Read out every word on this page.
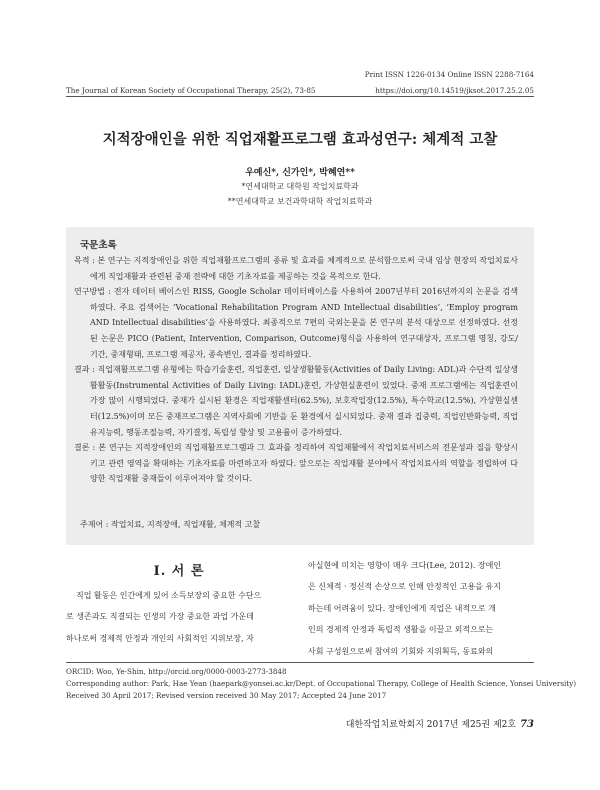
Print ISSN 1226-0134 Online ISSN 2288-7164
The Journal of Korean Society of Occupational Therapy, 25(2), 73-85	https://doi.org/10.14519/jksot.2017.25.2.05
지적장애인을 위한 직업재활프로그램 효과성연구: 체계적 고찰
우예신*, 신가인*, 박혜연**
*연세대학교 대학원 작업치료학과
**연세대학교 보건과학대학 작업치료학과
국문초록

목적 : 본 연구는 지적장애인을 위한 직업재활프로그램의 종류 및 효과를 체계적으로 분석함으로써 국내 임상 현장의 작업치료사에게 직업재활과 관련된 중재 전략에 대한 기초자료를 제공하는 것을 목적으로 한다.

연구방법 : 전자 데이터 베이스인 RISS, Google Scholar 데이터베이스를 사용하여 2007년부터 2016년까지의 논문을 검색하였다. 주요 검색어는 ‘Vocational Rehabilitation Program AND Intellectual disabilities’, ‘Employ program AND Intellectual disabilities’을 사용하였다. 최종적으로 7편의 국외논문을 본 연구의 분석 대상으로 선정하였다. 선정된 논문은 PICO (Patient, Intervention, Comparison, Outcome)형식을 사용하여 연구대상자, 프로그램 명칭, 강도/기간, 중재형태, 프로그램 제공자, 종속변인, 결과를 정리하였다.

결과 : 직업재활프로그램 유형에는 학습기술훈련, 직업훈련, 일상생활활동(Activities of Daily Living: ADL)과 수단적 일상생활활동(Instrumental Activities of Daily Living: IADL)훈련, 가상현실훈련이 있었다. 중재 프로그램에는 직업훈련이 가장 많이 시행되었다. 중재가 실시된 환경은 직업재활센터(62.5%), 보호작업장(12.5%), 특수학교(12.5%), 가상현실센터(12.5%)이며 모든 중재프로그램은 지역사회에 기반을 둔 환경에서 실시되었다. 중재 결과 집중력, 직업인반화능력, 직업유지능력, 행동조절능력, 자기결정, 독립성 향상 및 고용률이 증가하였다.

결론 : 본 연구는 지적장애인의 직업재활프로그램과 그 효과를 정리하여 직업재활에서 작업치료서비스의 전문성과 질을 향상시키고 관련 영역을 확대하는 기초자료를 마련하고자 하였다. 앞으로는 직업재활 분야에서 작업치료사의 역할을 정립하여 다양한 직업재활 중재들이 이루어져야 할 것이다.

주제어 : 작업치료, 지적장애, 직업재활, 체계적 고찰
Ⅰ. 서 론
직업 활동은 인간에게 있어 소득보장의 중요한 수단으
로 생존과도 직결되는 인생의 가장 중요한 과업 가운데
하나로써 경제적 안정과 개인의 사회적인 지위보장, 자
아실현에 미치는 영향이 매우 크다(Lee, 2012). 장애인
은 신체적 · 정신적 손상으로 인해 안정적인 고용을 유지
하는데 어려움이 있다. 장애인에게 직업은 내적으로 개
인의 경제적 안정과 독립적 생활을 이끌고 외적으로는
사회 구성원으로써 참여의 기회와 지위획득, 동료와의
ORCID: Woo, Ye-Shin, http://orcid.org/0000-0003-2773-3848
Corresponding author: Park, Hae Yean (haepark@yonsei.ac.kr/Dept. of Occupational Therapy, College of Health Science, Yonsei University)
Received 30 April 2017; Revised version received 30 May 2017; Accepted 24 June 2017
대한작업치료학회지 2017년 제25권 제2호 73
